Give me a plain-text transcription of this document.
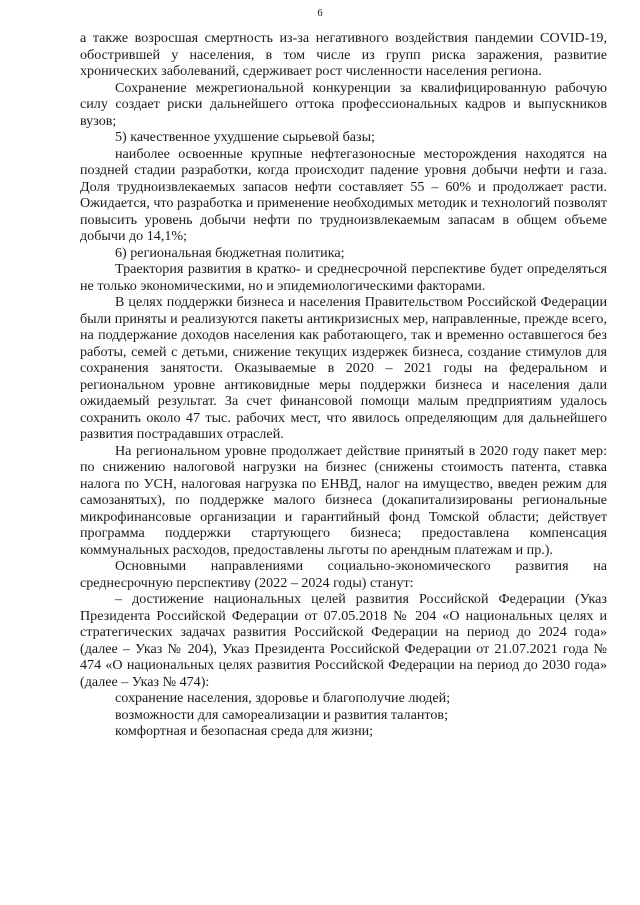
6

а также возросшая смертность из-за негативного воздействия пандемии COVID-19, обострившей у населения, в том числе из групп риска заражения, развитие хронических заболеваний, сдерживает рост численности населения региона.

Сохранение межрегиональной конкуренции за квалифицированную рабочую силу создает риски дальнейшего оттока профессиональных кадров и выпускников вузов;

5) качественное ухудшение сырьевой базы;

наиболее освоенные крупные нефтегазоносные месторождения находятся на поздней стадии разработки, когда происходит падение уровня добычи нефти и газа. Доля трудноизвлекаемых запасов нефти составляет 55 – 60% и продолжает расти. Ожидается, что разработка и применение необходимых методик и технологий позволят повысить уровень добычи нефти по трудноизвлекаемым запасам в общем объеме добычи до 14,1%;

6) региональная бюджетная политика;

Траектория развития в кратко- и среднесрочной перспективе будет определяться не только экономическими, но и эпидемиологическими факторами.

В целях поддержки бизнеса и населения Правительством Российской Федерации были приняты и реализуются пакеты антикризисных мер, направленные, прежде всего, на поддержание доходов населения как работающего, так и временно оставшегося без работы, семей с детьми, снижение текущих издержек бизнеса, создание стимулов для сохранения занятости. Оказываемые в 2020 – 2021 годы на федеральном и региональном уровне антиковидные меры поддержки бизнеса и населения дали ожидаемый результат. За счет финансовой помощи малым предприятиям удалось сохранить около 47 тыс. рабочих мест, что явилось определяющим для дальнейшего развития пострадавших отраслей.

На региональном уровне продолжает действие принятый в 2020 году пакет мер: по снижению налоговой нагрузки на бизнес (снижены стоимость патента, ставка налога по УСН, налоговая нагрузка по ЕНВД, налог на имущество, введен режим для самозанятых), по поддержке малого бизнеса (докапитализированы региональные микрофинансовые организации и гарантийный фонд Томской области; действует программа поддержки стартующего бизнеса; предоставлена компенсация коммунальных расходов, предоставлены льготы по арендным платежам и пр.).

Основными направлениями социально-экономического развития на среднесрочную перспективу (2022 – 2024 годы) станут:

– достижение национальных целей развития Российской Федерации (Указ Президента Российской Федерации от 07.05.2018 № 204 «О национальных целях и стратегических задачах развития Российской Федерации на период до 2024 года» (далее – Указ № 204), Указ Президента Российской Федерации от 21.07.2021 года № 474 «О национальных целях развития Российской Федерации на период до 2030 года» (далее – Указ № 474):

сохранение населения, здоровье и благополучие людей;

возможности для самореализации и развития талантов;

комфортная и безопасная среда для жизни;
